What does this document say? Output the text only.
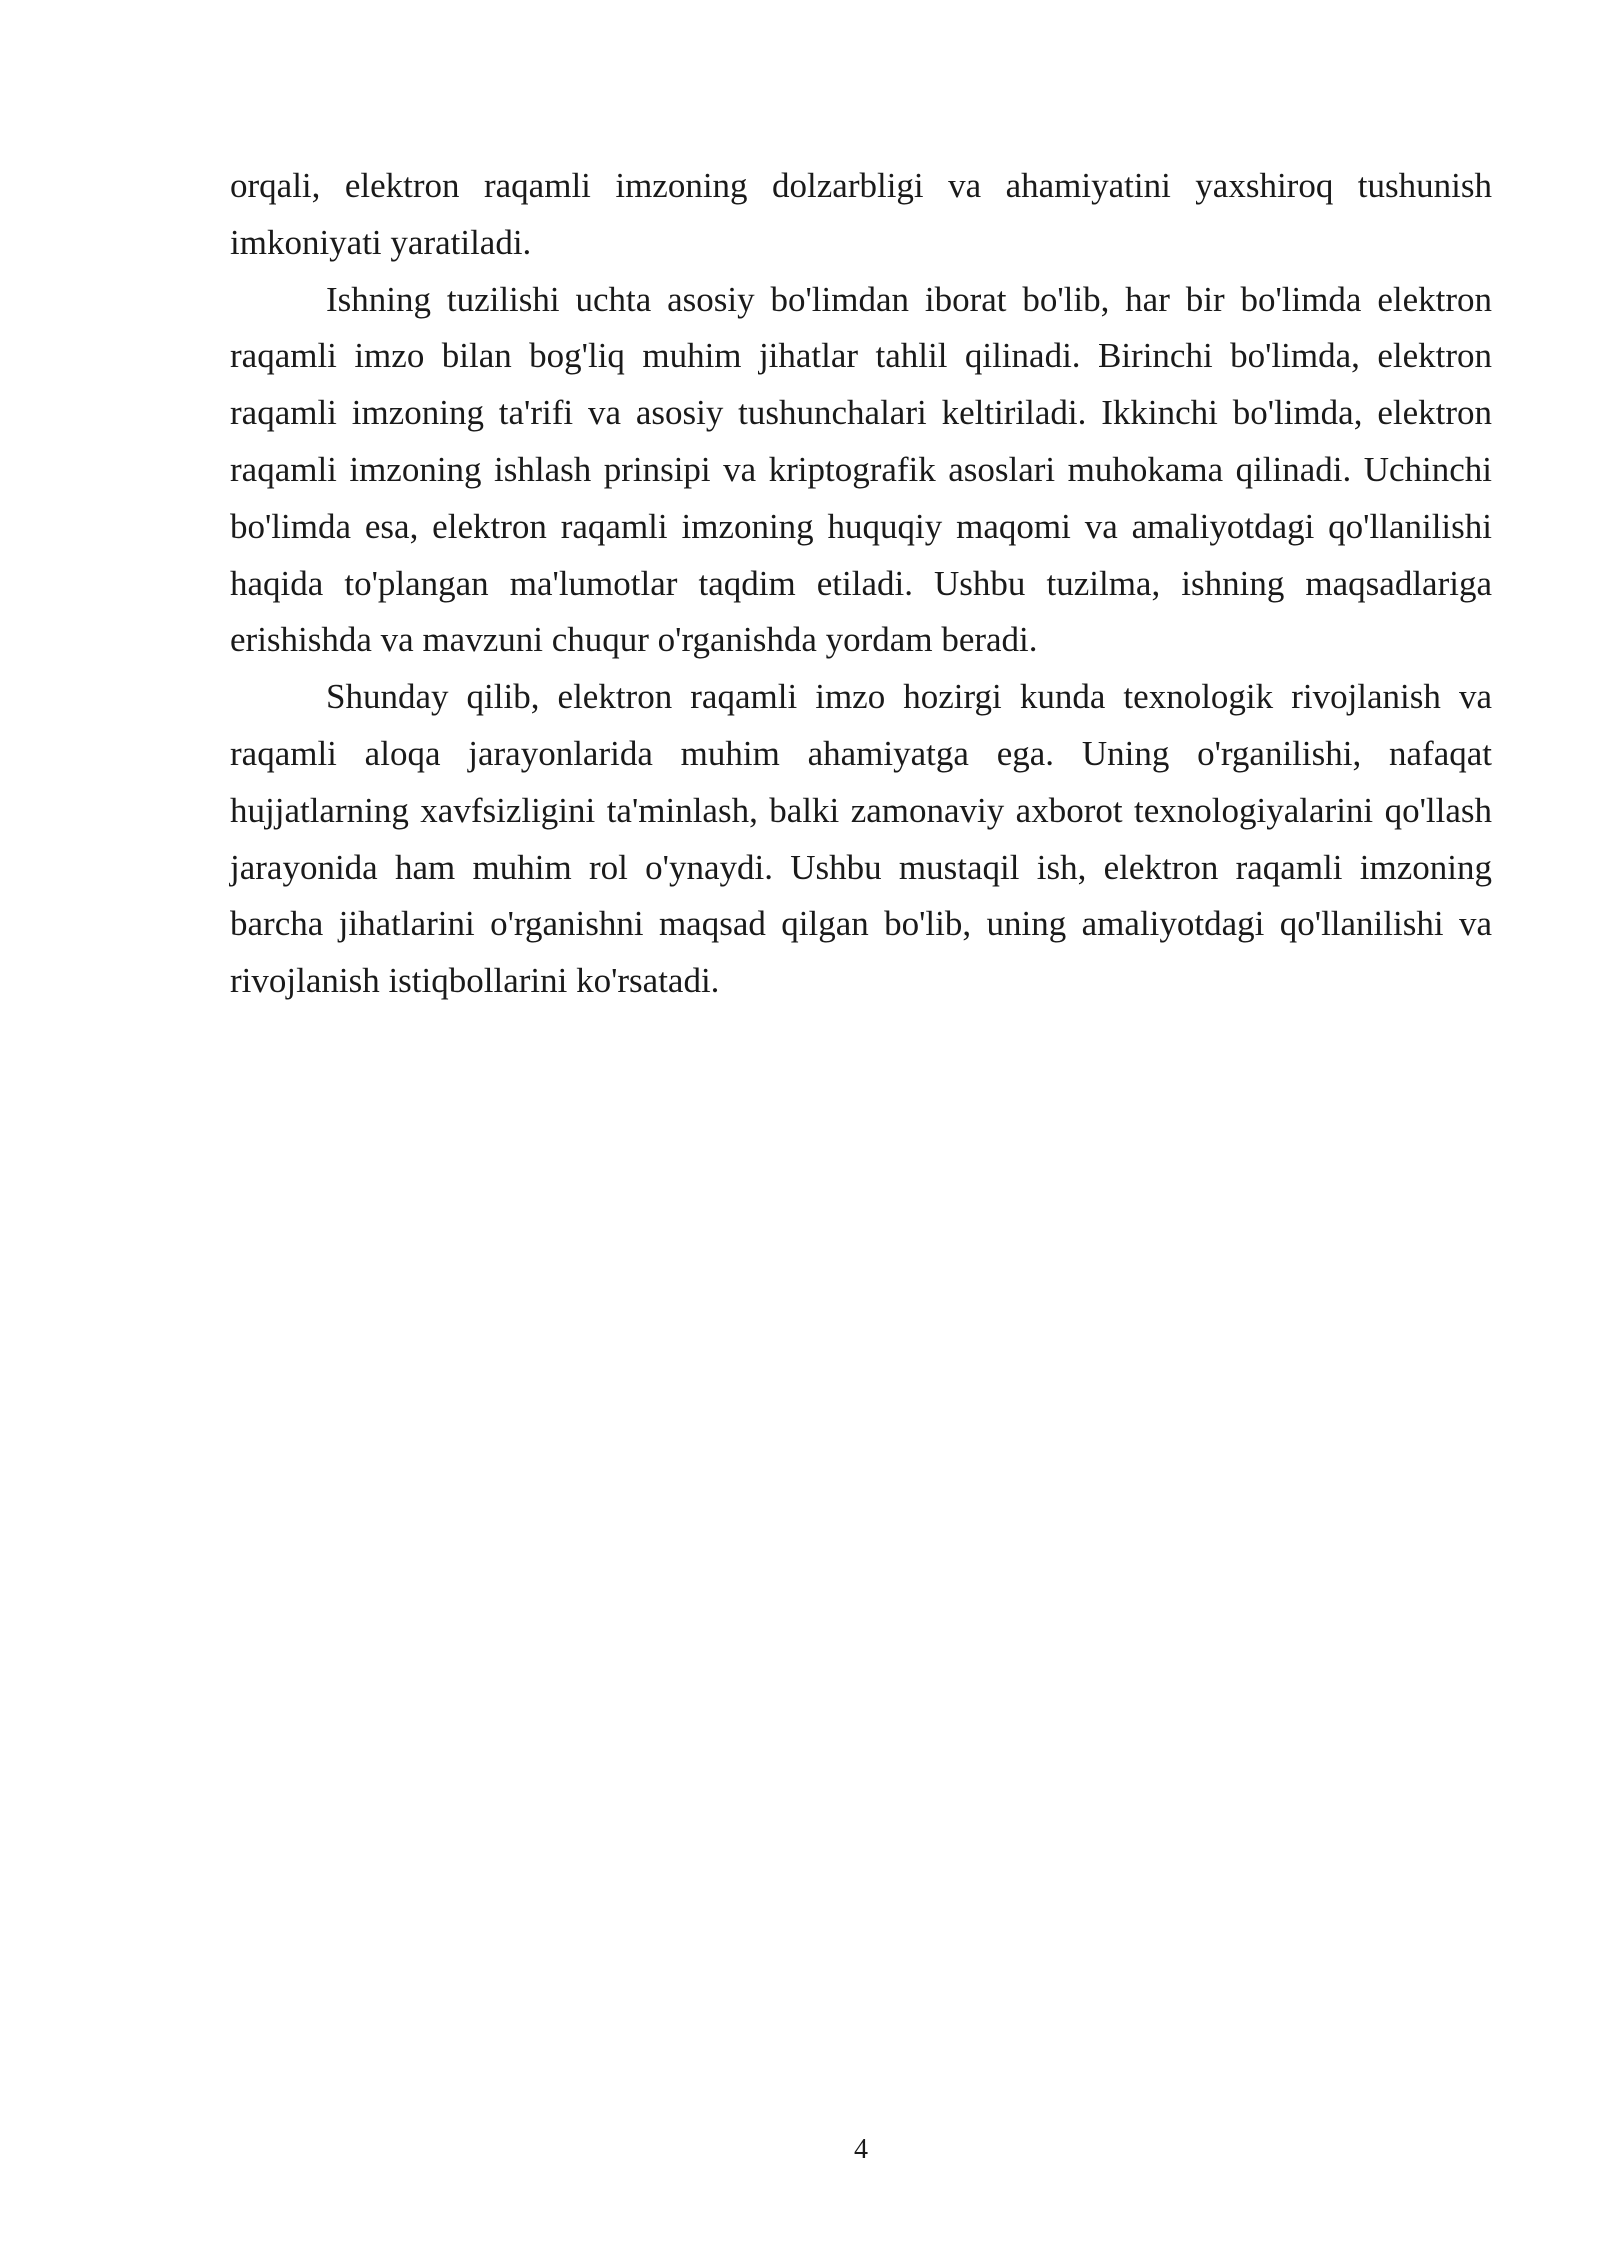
orqali, elektron raqamli imzoning dolzarbligi va ahamiyatini yaxshiroq tushunish imkoniyati yaratiladi.

Ishning tuzilishi uchta asosiy bo'limdan iborat bo'lib, har bir bo'limda elektron raqamli imzo bilan bog'liq muhim jihatlar tahlil qilinadi. Birinchi bo'limda, elektron raqamli imzoning ta'rifi va asosiy tushunchalari keltiriladi. Ikkinchi bo'limda, elektron raqamli imzoning ishlash prinsipi va kriptografik asoslari muhokama qilinadi. Uchinchi bo'limda esa, elektron raqamli imzoning huquqiy maqomi va amaliyotdagi qo'llanilishi haqida to'plangan ma'lumotlar taqdim etiladi. Ushbu tuzilma, ishning maqsadlariga erishishda va mavzuni chuqur o'rganishda yordam beradi.

Shunday qilib, elektron raqamli imzo hozirgi kunda texnologik rivojlanish va raqamli aloqa jarayonlarida muhim ahamiyatga ega. Uning o'rganilishi, nafaqat hujjatlarning xavfsizligini ta'minlash, balki zamonaviy axborot texnologiyalarini qo'llash jarayonida ham muhim rol o'ynaydi. Ushbu mustaqil ish, elektron raqamli imzoning barcha jihatlarini o'rganishni maqsad qilgan bo'lib, uning amaliyotdagi qo'llanilishi va rivojlanish istiqbollarini ko'rsatadi.

4
